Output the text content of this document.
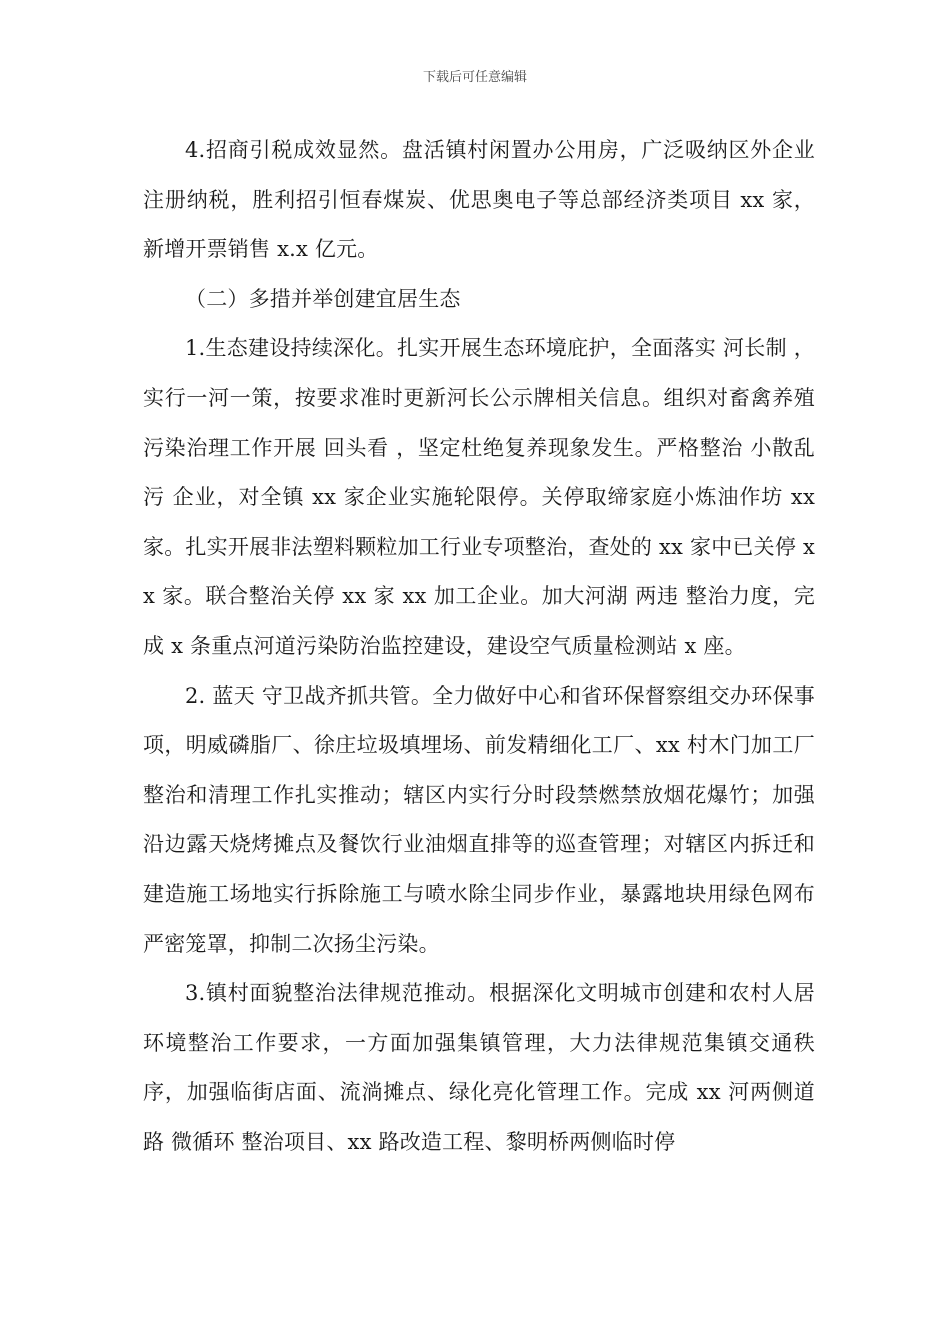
下载后可任意编辑

4.招商引税成效显然。盘活镇村闲置办公用房，广泛吸纳区外企业注册纳税，胜利招引恒春煤炭、优思奥电子等总部经济类项目 xx 家，新增开票销售 x.x 亿元。

（二）多措并举创建宜居生态

1.生态建设持续深化。扎实开展生态环境庇护，全面落实 河长制 ，实行一河一策，按要求准时更新河长公示牌相关信息。组织对畜禽养殖污染治理工作开展 回头看 ，坚定杜绝复养现象发生。严格整治 小散乱污 企业，对全镇 xx 家企业实施轮限停。关停取缔家庭小炼油作坊 xx 家。扎实开展非法塑料颗粒加工行业专项整治，查处的 xx 家中已关停 xx 家。联合整治关停 xx 家 xx 加工企业。加大河湖 两违 整治力度，完成 x 条重点河道污染防治监控建设，建设空气质量检测站 x 座。

2. 蓝天 守卫战齐抓共管。全力做好中心和省环保督察组交办环保事项，明威磷脂厂、徐庄垃圾填埋场、前发精细化工厂、xx 村木门加工厂整治和清理工作扎实推动；辖区内实行分时段禁燃禁放烟花爆竹；加强沿边露天烧烤摊点及餐饮行业油烟直排等的巡查管理；对辖区内拆迁和建造施工场地实行拆除施工与喷水除尘同步作业，暴露地块用绿色网布严密笼罩，抑制二次扬尘污染。

3.镇村面貌整治法律规范推动。根据深化文明城市创建和农村人居环境整治工作要求，一方面加强集镇管理，大力法律规范集镇交通秩序，加强临街店面、流淌摊点、绿化亮化管理工作。完成 xx 河两侧道路 微循环 整治项目、xx 路改造工程、黎明桥两侧临时停
